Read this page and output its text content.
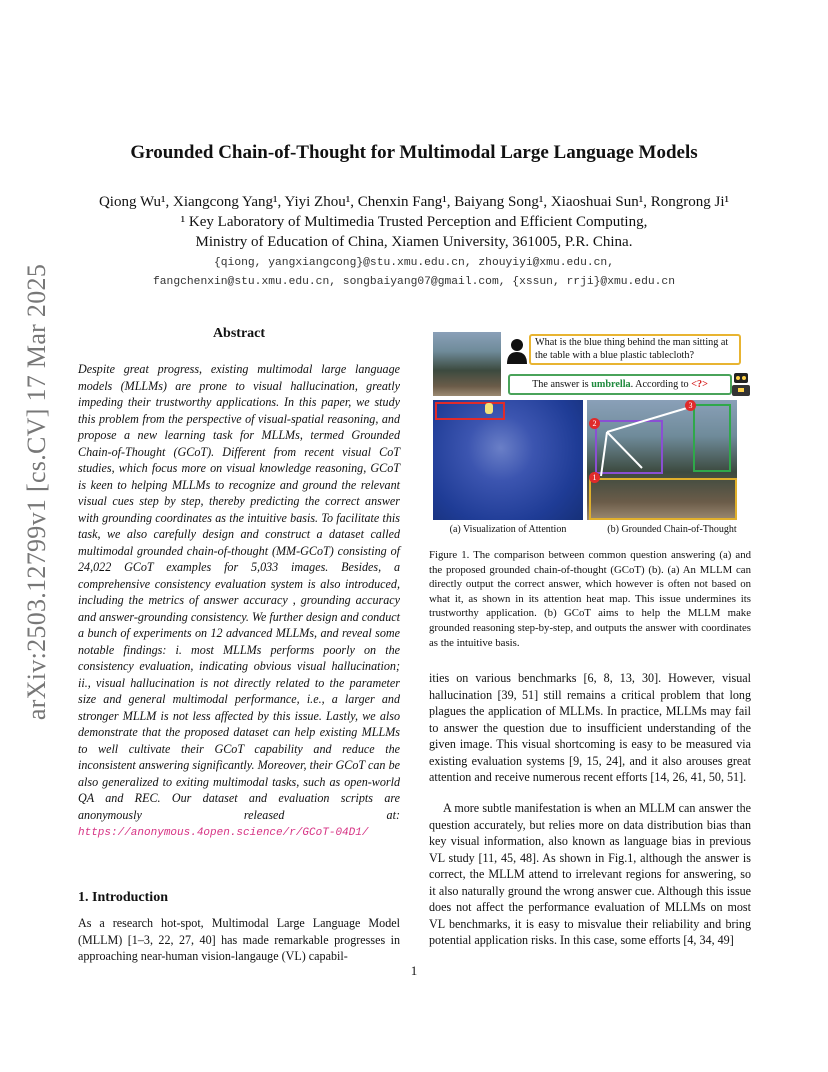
arXiv:2503.12799v1 [cs.CV] 17 Mar 2025
Grounded Chain-of-Thought for Multimodal Large Language Models
Qiong Wu¹, Xiangcong Yang¹, Yiyi Zhou¹, Chenxin Fang¹, Baiyang Song¹, Xiaoshuai Sun¹, Rongrong Ji¹
¹ Key Laboratory of Multimedia Trusted Perception and Efficient Computing,
Ministry of Education of China, Xiamen University, 361005, P.R. China.
{qiong, yangxiangcong}@stu.xmu.edu.cn, zhouyiyi@xmu.edu.cn,
fangchenxin@stu.xmu.edu.cn, songbaiyang07@gmail.com, {xssun, rrji}@xmu.edu.cn
Abstract
Despite great progress, existing multimodal large language models (MLLMs) are prone to visual hallucination, greatly impeding their trustworthy applications. In this paper, we study this problem from the perspective of visual-spatial reasoning, and propose a new learning task for MLLMs, termed Grounded Chain-of-Thought (GCoT). Different from recent visual CoT studies, which focus more on visual knowledge reasoning, GCoT is keen to helping MLLMs to recognize and ground the relevant visual cues step by step, thereby predicting the correct answer with grounding coordinates as the intuitive basis. To facilitate this task, we also carefully design and construct a dataset called multimodal grounded chain-of-thought (MM-GCoT) consisting of 24,022 GCoT examples for 5,033 images. Besides, a comprehensive consistency evaluation system is also introduced, including the metrics of answer accuracy , grounding accuracy and answer-grounding consistency. We further design and conduct a bunch of experiments on 12 advanced MLLMs, and reveal some notable findings: i. most MLLMs performs poorly on the consistency evaluation, indicating obvious visual hallucination; ii., visual hallucination is not directly related to the parameter size and general multimodal performance, i.e., a larger and stronger MLLM is not less affected by this issue. Lastly, we also demonstrate that the proposed dataset can help existing MLLMs to well cultivate their GCoT capability and reduce the inconsistent answering significantly. Moreover, their GCoT can be also generalized to exiting multimodal tasks, such as open-world QA and REC. Our dataset and evaluation scripts are anonymously released at: https://anonymous.4open.science/r/GCoT-04D1/
1. Introduction
As a research hot-spot, Multimodal Large Language Model (MLLM) [1–3, 22, 27, 40] has made remarkable progresses in approaching near-human vision-langauge (VL) capabil-
What is the blue thing behind the man sitting at the table with a blue plastic tablecloth?
The answer is umbrella. According to <?>
1
2
3
(a) Visualization of Attention	(b) Grounded Chain-of-Thought
Figure 1. The comparison between common question answering (a) and the proposed grounded chain-of-thought (GCoT) (b). (a) An MLLM can directly output the correct answer, which however is often not based on what it, as shown in its attention heat map. This issue undermines its trustworthy application. (b) GCoT aims to help the MLLM make grounded reasoning step-by-step, and outputs the answer with coordinates as the intuitive basis.
ities on various benchmarks [6, 8, 13, 30]. However, visual hallucination [39, 51] still remains a critical problem that long plagues the application of MLLMs. In practice, MLLMs may fail to answer the question due to insufficient understanding of the given image. This visual shortcoming is easy to be measured via existing evaluation systems [9, 15, 24], and it also arouses great attention and receive numerous recent efforts [14, 26, 41, 50, 51].
A more subtle manifestation is when an MLLM can answer the question accurately, but relies more on data distribution bias than key visual information, also known as language bias in previous VL study [11, 45, 48]. As shown in Fig.1, although the answer is correct, the MLLM attend to irrelevant regions for answering, so it also naturally ground the wrong answer cue. Although this issue does not affect the performance evaluation of MLLMs on most VL benchmarks, it is easy to misvalue their reliability and bring potential application risks. In this case, some efforts [4, 34, 49]
1
